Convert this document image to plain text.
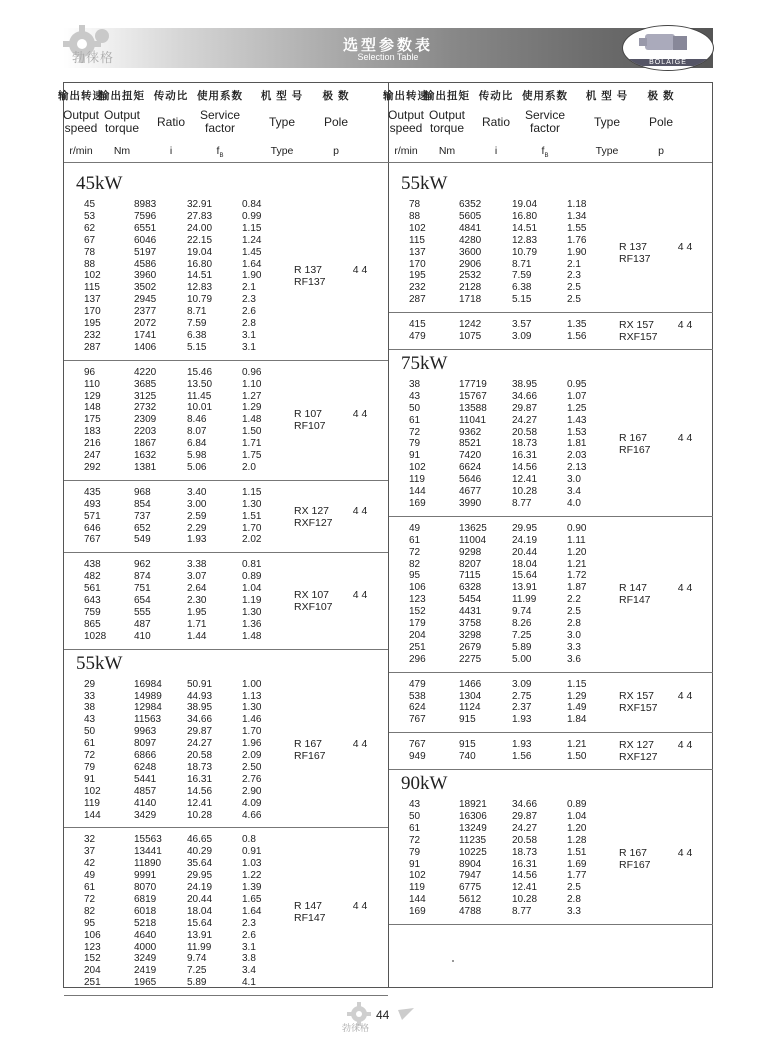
选型参数表
Selection Table
勃徕格	BOLAIGE
输出转速
Output
speed
r/min
输出扭矩
Output
torque
Nm
传动比
Ratio
i
使用系数
Service
factor
$f_B$
机 型 号
Type
Type
极 数
Pole
p
输出转速
Output
speed
r/min
输出扭矩
Output
torque
Nm
传动比
Ratio
i
使用系数
Service
factor
$f_B$
机 型 号
Type
Type
极 数
Pole
p
45kW
45
53
62
67
78
88
102
115
137
170
195
232
287
8983
7596
6551
6046
5197
4586
3960
3502
2945
2377
2072
1741
1406
32.91
27.83
24.00
22.15
19.04
16.80
14.51
12.83
10.79
8.71
7.59
6.38
5.15
0.84
0.99
1.15
1.24
1.45
1.64
1.90
2.1
2.3
2.6
2.8
3.1
3.1
R 137
RF137
4 4
96
110
129
148
175
183
216
247
292
4220
3685
3125
2732
2309
2203
1867
1632
1381
15.46
13.50
11.45
10.01
8.46
8.07
6.84
5.98
5.06
0.96
1.10
1.27
1.29
1.48
1.50
1.71
1.75
2.0
R 107
RF107
4 4
435
493
571
646
767
968
854
737
652
549
3.40
3.00
2.59
2.29
1.93
1.15
1.30
1.51
1.70
2.02
RX 127
RXF127
4 4
438
482
561
643
759
865
1028
962
874
751
654
555
487
410
3.38
3.07
2.64
2.30
1.95
1.71
1.44
0.81
0.89
1.04
1.19
1.30
1.36
1.48
RX 107
RXF107
4 4
55kW
29
33
38
43
50
61
72
79
91
102
119
144
16984
14989
12984
11563
9963
8097
6866
6248
5441
4857
4140
3429
50.91
44.93
38.95
34.66
29.87
24.27
20.58
18.73
16.31
14.56
12.41
10.28
1.00
1.13
1.30
1.46
1.70
1.96
2.09
2.50
2.76
2.90
4.09
4.66
R 167
RF167
4 4
32
37
42
49
61
72
82
95
106
123
152
204
251
15563
13441
11890
9991
8070
6819
6018
5218
4640
4000
3249
2419
1965
46.65
40.29
35.64
29.95
24.19
20.44
18.04
15.64
13.91
11.99
9.74
7.25
5.89
0.8
0.91
1.03
1.22
1.39
1.65
1.64
2.3
2.6
3.1
3.8
3.4
4.1
R 147
RF147
4 4
55kW
78
88
102
115
137
170
195
232
287
6352
5605
4841
4280
3600
2906
2532
2128
1718
19.04
16.80
14.51
12.83
10.79
8.71
7.59
6.38
5.15
1.18
1.34
1.55
1.76
1.90
2.1
2.3
2.5
2.5
R 137
RF137
4 4
415
479
1242
1075
3.57
3.09
1.35
1.56
RX 157
RXF157
4 4
75kW
38
43
50
61
72
79
91
102
119
144
169
17719
15767
13588
11041
9362
8521
7420
6624
5646
4677
3990
38.95
34.66
29.87
24.27
20.58
18.73
16.31
14.56
12.41
10.28
8.77
0.95
1.07
1.25
1.43
1.53
1.81
2.03
2.13
3.0
3.4
4.0
R 167
RF167
4 4
49
61
72
82
95
106
123
152
179
204
251
296
13625
11004
9298
8207
7115
6328
5454
4431
3758
3298
2679
2275
29.95
24.19
20.44
18.04
15.64
13.91
11.99
9.74
8.26
7.25
5.89
5.00
0.90
1.11
1.20
1.21
1.72
1.87
2.2
2.5
2.8
3.0
3.3
3.6
R 147
RF147
4 4
479
538
624
767
1466
1304
1124
915
3.09
2.75
2.37
1.93
1.15
1.29
1.49
1.84
RX 157
RXF157
4 4
767
949
915
740
1.93
1.56
1.21
1.50
RX 127
RXF127
4 4
90kW
43
50
61
72
79
91
102
119
144
169
18921
16306
13249
11235
10225
8904
7947
6775
5612
4788
34.66
29.87
24.27
20.58
18.73
16.31
14.56
12.41
10.28
8.77
0.89
1.04
1.20
1.28
1.51
1.69
1.77
2.5
2.8
3.3
R 167
RF167
4 4
勃徕格
44
